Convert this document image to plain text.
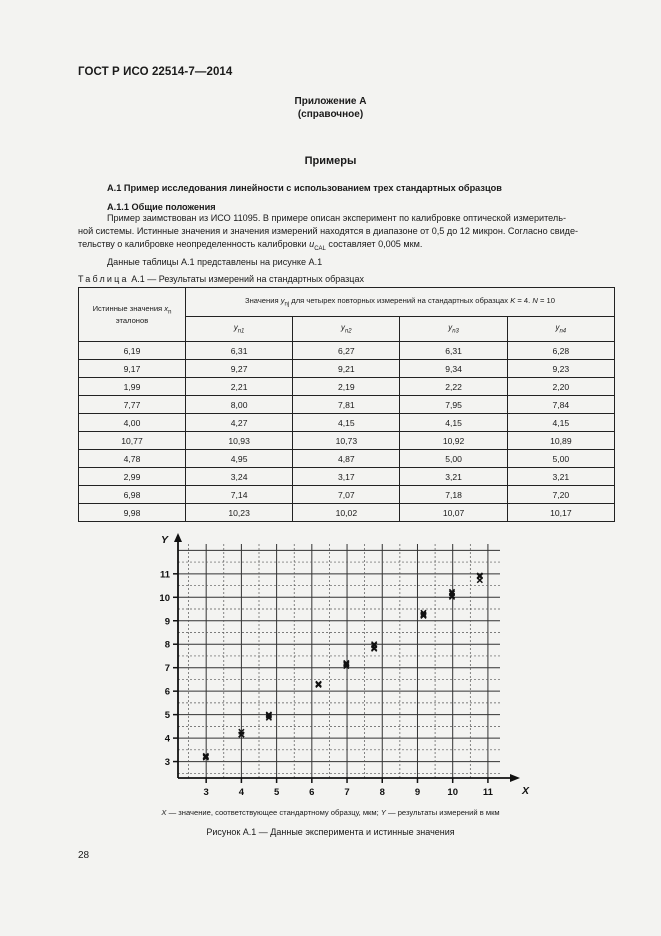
ГОСТ Р ИСО 22514-7—2014
Приложение А
(справочное)
Примеры
А.1 Пример исследования линейности с использованием трех стандартных образцов
А.1.1 Общие положения
Пример заимствован из ИСО 11095. В примере описан эксперимент по калибровке оптической измеритель-
ной системы. Истинные значения и значения измерений находятся в диапазоне от 0,5 до 12 микрон. Согласно свиде-
тельству о калибровке неопределенность калибровки $u_{CAL}$ составляет 0,005 мкм.
Данные таблицы А.1 представлены на рисунке А.1
Таблица А.1 — Результаты измерений на стандартных образцах
Истинные значения $x_n$
эталонов	Значения $y_{nj}$ для четырех повторных измерений на стандартных образцах K = 4. N = 10			
	$y_{n1}$	$y_{n2}$	$y_{n3}$	$y_{n4}$
6,19	6,31	6,27	6,31	6,28
9,17	9,27	9,21	9,34	9,23
1,99	2,21	2,19	2,22	2,20
7,77	8,00	7,81	7,95	7,84
4,00	4,27	4,15	4,15	4,15
10,77	10,93	10,73	10,92	10,89
4,78	4,95	4,87	5,00	5,00
2,99	3,24	3,17	3,21	3,21
6,98	7,14	7,07	7,18	7,20
9,98	10,23	10,02	10,07	10,17
3	4	5	6	7	8	9	10	11
3
4
5
6
7
8
9
10
11
Y
X
X — значение, соответствующее стандартному образцу, мкм; Y — результаты измерений в мкм
Рисунок А.1 — Данные эксперимента и истинные значения
28
